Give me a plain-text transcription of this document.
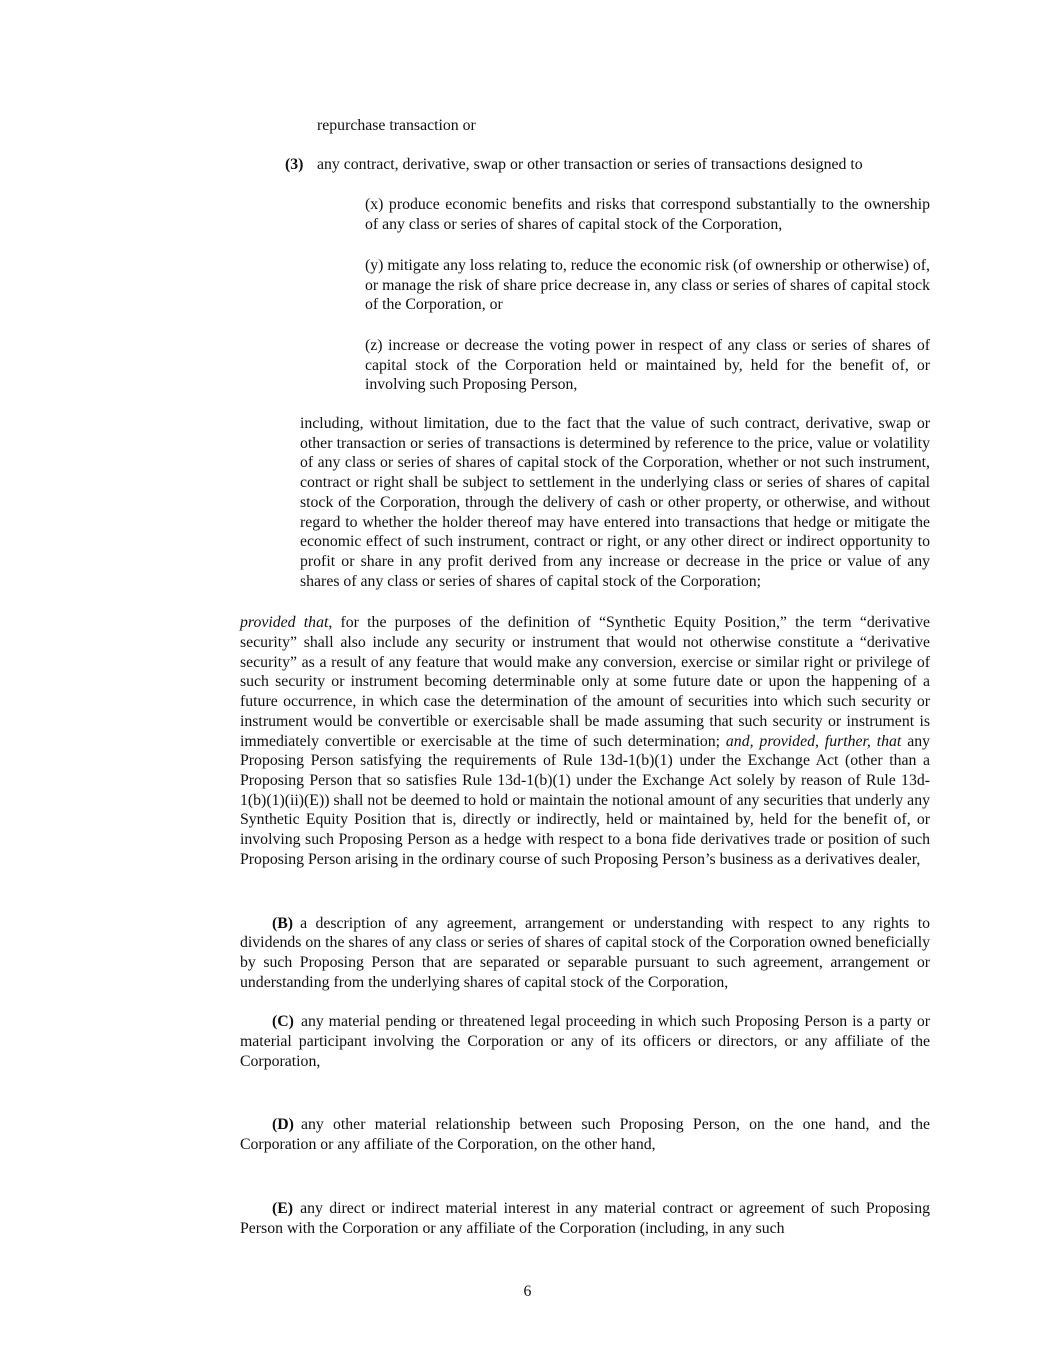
repurchase transaction or

(3) any contract, derivative, swap or other transaction or series of transactions designed to

(x) produce economic benefits and risks that correspond substantially to the ownership of any class or series of shares of capital stock of the Corporation,

(y) mitigate any loss relating to, reduce the economic risk (of ownership or otherwise) of, or manage the risk of share price decrease in, any class or series of shares of capital stock of the Corporation, or

(z) increase or decrease the voting power in respect of any class or series of shares of capital stock of the Corporation held or maintained by, held for the benefit of, or involving such Proposing Person,

including, without limitation, due to the fact that the value of such contract, derivative, swap or other transaction or series of transactions is determined by reference to the price, value or volatility of any class or series of shares of capital stock of the Corporation, whether or not such instrument, contract or right shall be subject to settlement in the underlying class or series of shares of capital stock of the Corporation, through the delivery of cash or other property, or otherwise, and without regard to whether the holder thereof may have entered into transactions that hedge or mitigate the economic effect of such instrument, contract or right, or any other direct or indirect opportunity to profit or share in any profit derived from any increase or decrease in the price or value of any shares of any class or series of shares of capital stock of the Corporation;

provided that, for the purposes of the definition of “Synthetic Equity Position,” the term “derivative security” shall also include any security or instrument that would not otherwise constitute a “derivative security” as a result of any feature that would make any conversion, exercise or similar right or privilege of such security or instrument becoming determinable only at some future date or upon the happening of a future occurrence, in which case the determination of the amount of securities into which such security or instrument would be convertible or exercisable shall be made assuming that such security or instrument is immediately convertible or exercisable at the time of such determination; and, provided, further, that any Proposing Person satisfying the requirements of Rule 13d-1(b)(1) under the Exchange Act (other than a Proposing Person that so satisfies Rule 13d-1(b)(1) under the Exchange Act solely by reason of Rule 13d-1(b)(1)(ii)(E)) shall not be deemed to hold or maintain the notional amount of any securities that underly any Synthetic Equity Position that is, directly or indirectly, held or maintained by, held for the benefit of, or involving such Proposing Person as a hedge with respect to a bona fide derivatives trade or position of such Proposing Person arising in the ordinary course of such Proposing Person’s business as a derivatives dealer,

(B) a description of any agreement, arrangement or understanding with respect to any rights to dividends on the shares of any class or series of shares of capital stock of the Corporation owned beneficially by such Proposing Person that are separated or separable pursuant to such agreement, arrangement or understanding from the underlying shares of capital stock of the Corporation,

(C) any material pending or threatened legal proceeding in which such Proposing Person is a party or material participant involving the Corporation or any of its officers or directors, or any affiliate of the Corporation,

(D) any other material relationship between such Proposing Person, on the one hand, and the Corporation or any affiliate of the Corporation, on the other hand,

(E) any direct or indirect material interest in any material contract or agreement of such Proposing Person with the Corporation or any affiliate of the Corporation (including, in any such

6
